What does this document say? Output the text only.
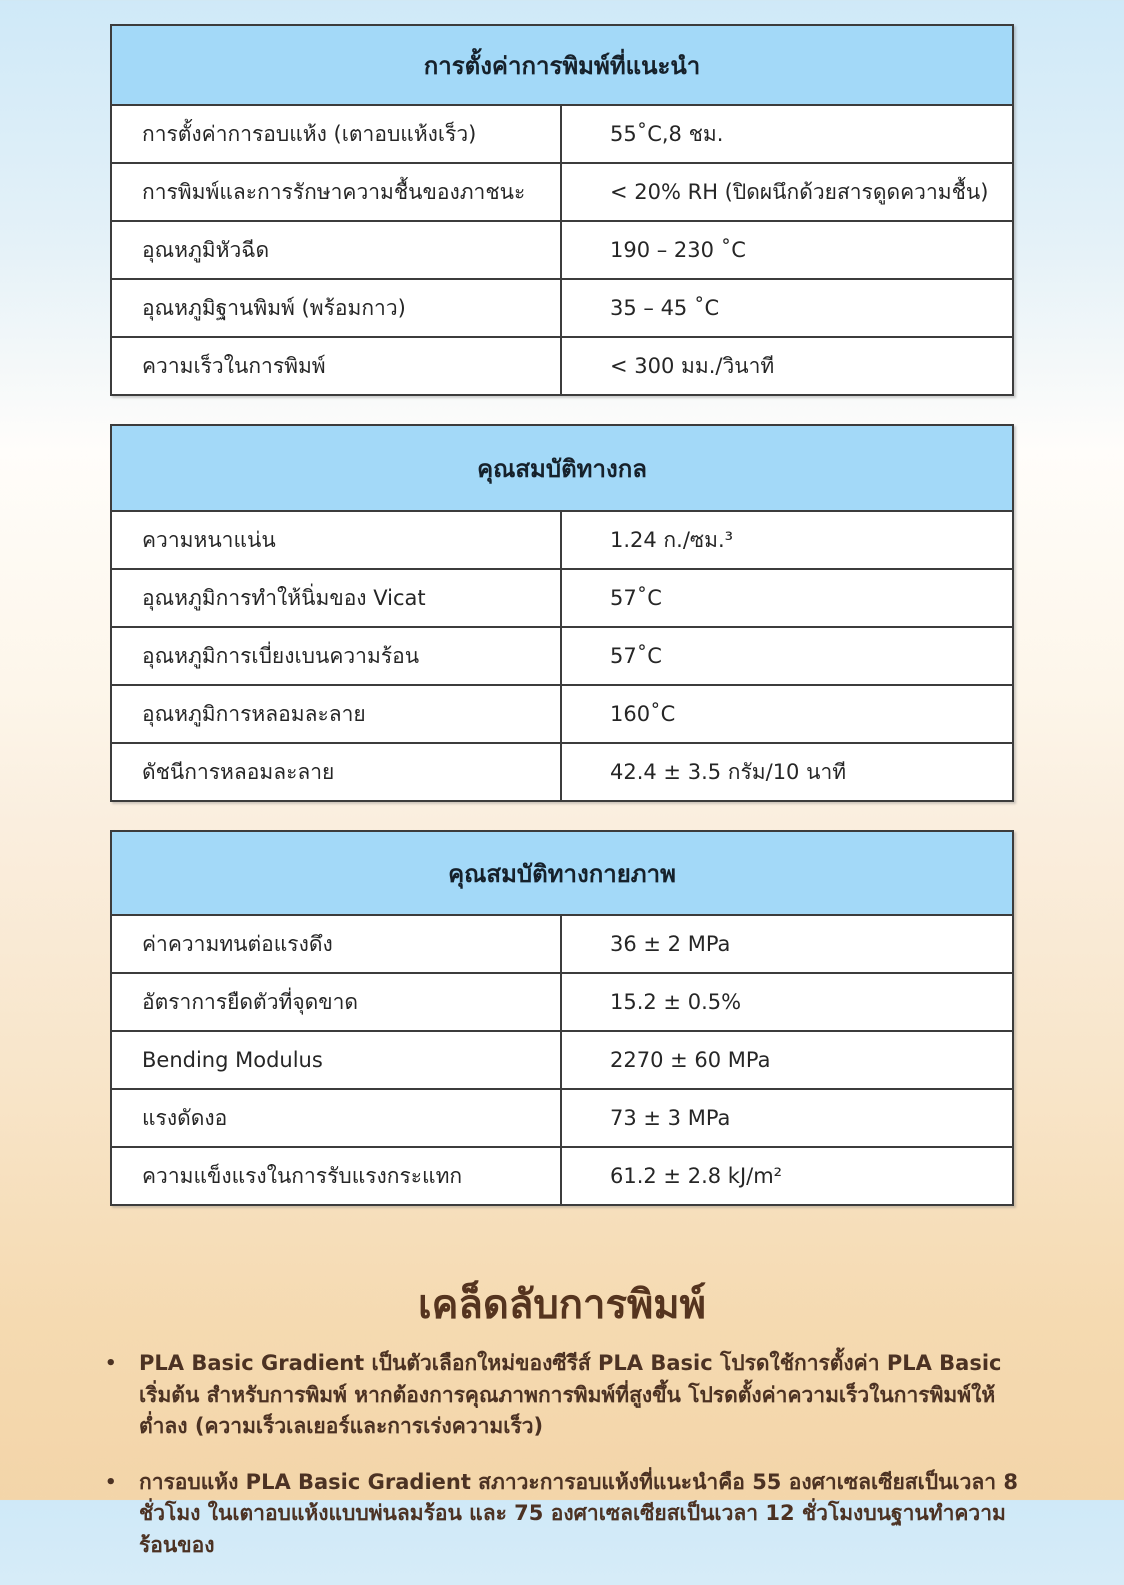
การตั้งค่าการพิมพ์ที่แนะนำ
การตั้งค่าการอบแห้ง (เตาอบแห้งเร็ว)	55˚C,8 ชม.
การพิมพ์และการรักษาความชื้นของภาชนะ	< 20% RH (ปิดผนึกด้วยสารดูดความชื้น)
อุณหภูมิหัวฉีด	190 – 230 ˚C
อุณหภูมิฐานพิมพ์ (พร้อมกาว)	35 – 45 ˚C
ความเร็วในการพิมพ์	< 300 มม./วินาที
คุณสมบัติทางกล
ความหนาแน่น	1.24 ก./ซม.³
อุณหภูมิการทำให้นิ่มของ Vicat	57˚C
อุณหภูมิการเบี่ยงเบนความร้อน	57˚C
อุณหภูมิการหลอมละลาย	160˚C
ดัชนีการหลอมละลาย	42.4 ± 3.5 กรัม/10 นาที
คุณสมบัติทางกายภาพ
ค่าความทนต่อแรงดึง	36 ± 2 MPa
อัตราการยืดตัวที่จุดขาด	15.2 ± 0.5%
Bending Modulus	2270 ± 60 MPa
แรงดัดงอ	73 ± 3 MPa
ความแข็งแรงในการรับแรงกระแทก	61.2 ± 2.8 kJ/m²
เคล็ดลับการพิมพ์
•	PLA Basic Gradient เป็นตัวเลือกใหม่ของซีรีส์ PLA Basic โปรดใช้การตั้งค่า PLA Basic เริ่มต้น สำหรับการพิมพ์ หากต้องการคุณภาพการพิมพ์ที่สูงขึ้น โปรดตั้งค่าความเร็วในการพิมพ์ให้ต่ำลง (ความเร็วเลเยอร์และการเร่งความเร็ว)
•	การอบแห้ง PLA Basic Gradient สภาวะการอบแห้งที่แนะนำคือ 55 องศาเซลเซียสเป็นเวลา 8 ชั่วโมง ในเตาอบแห้งแบบพ่นลมร้อน และ 75 องศาเซลเซียสเป็นเวลา 12 ชั่วโมงบนฐานทำความร้อนของ
